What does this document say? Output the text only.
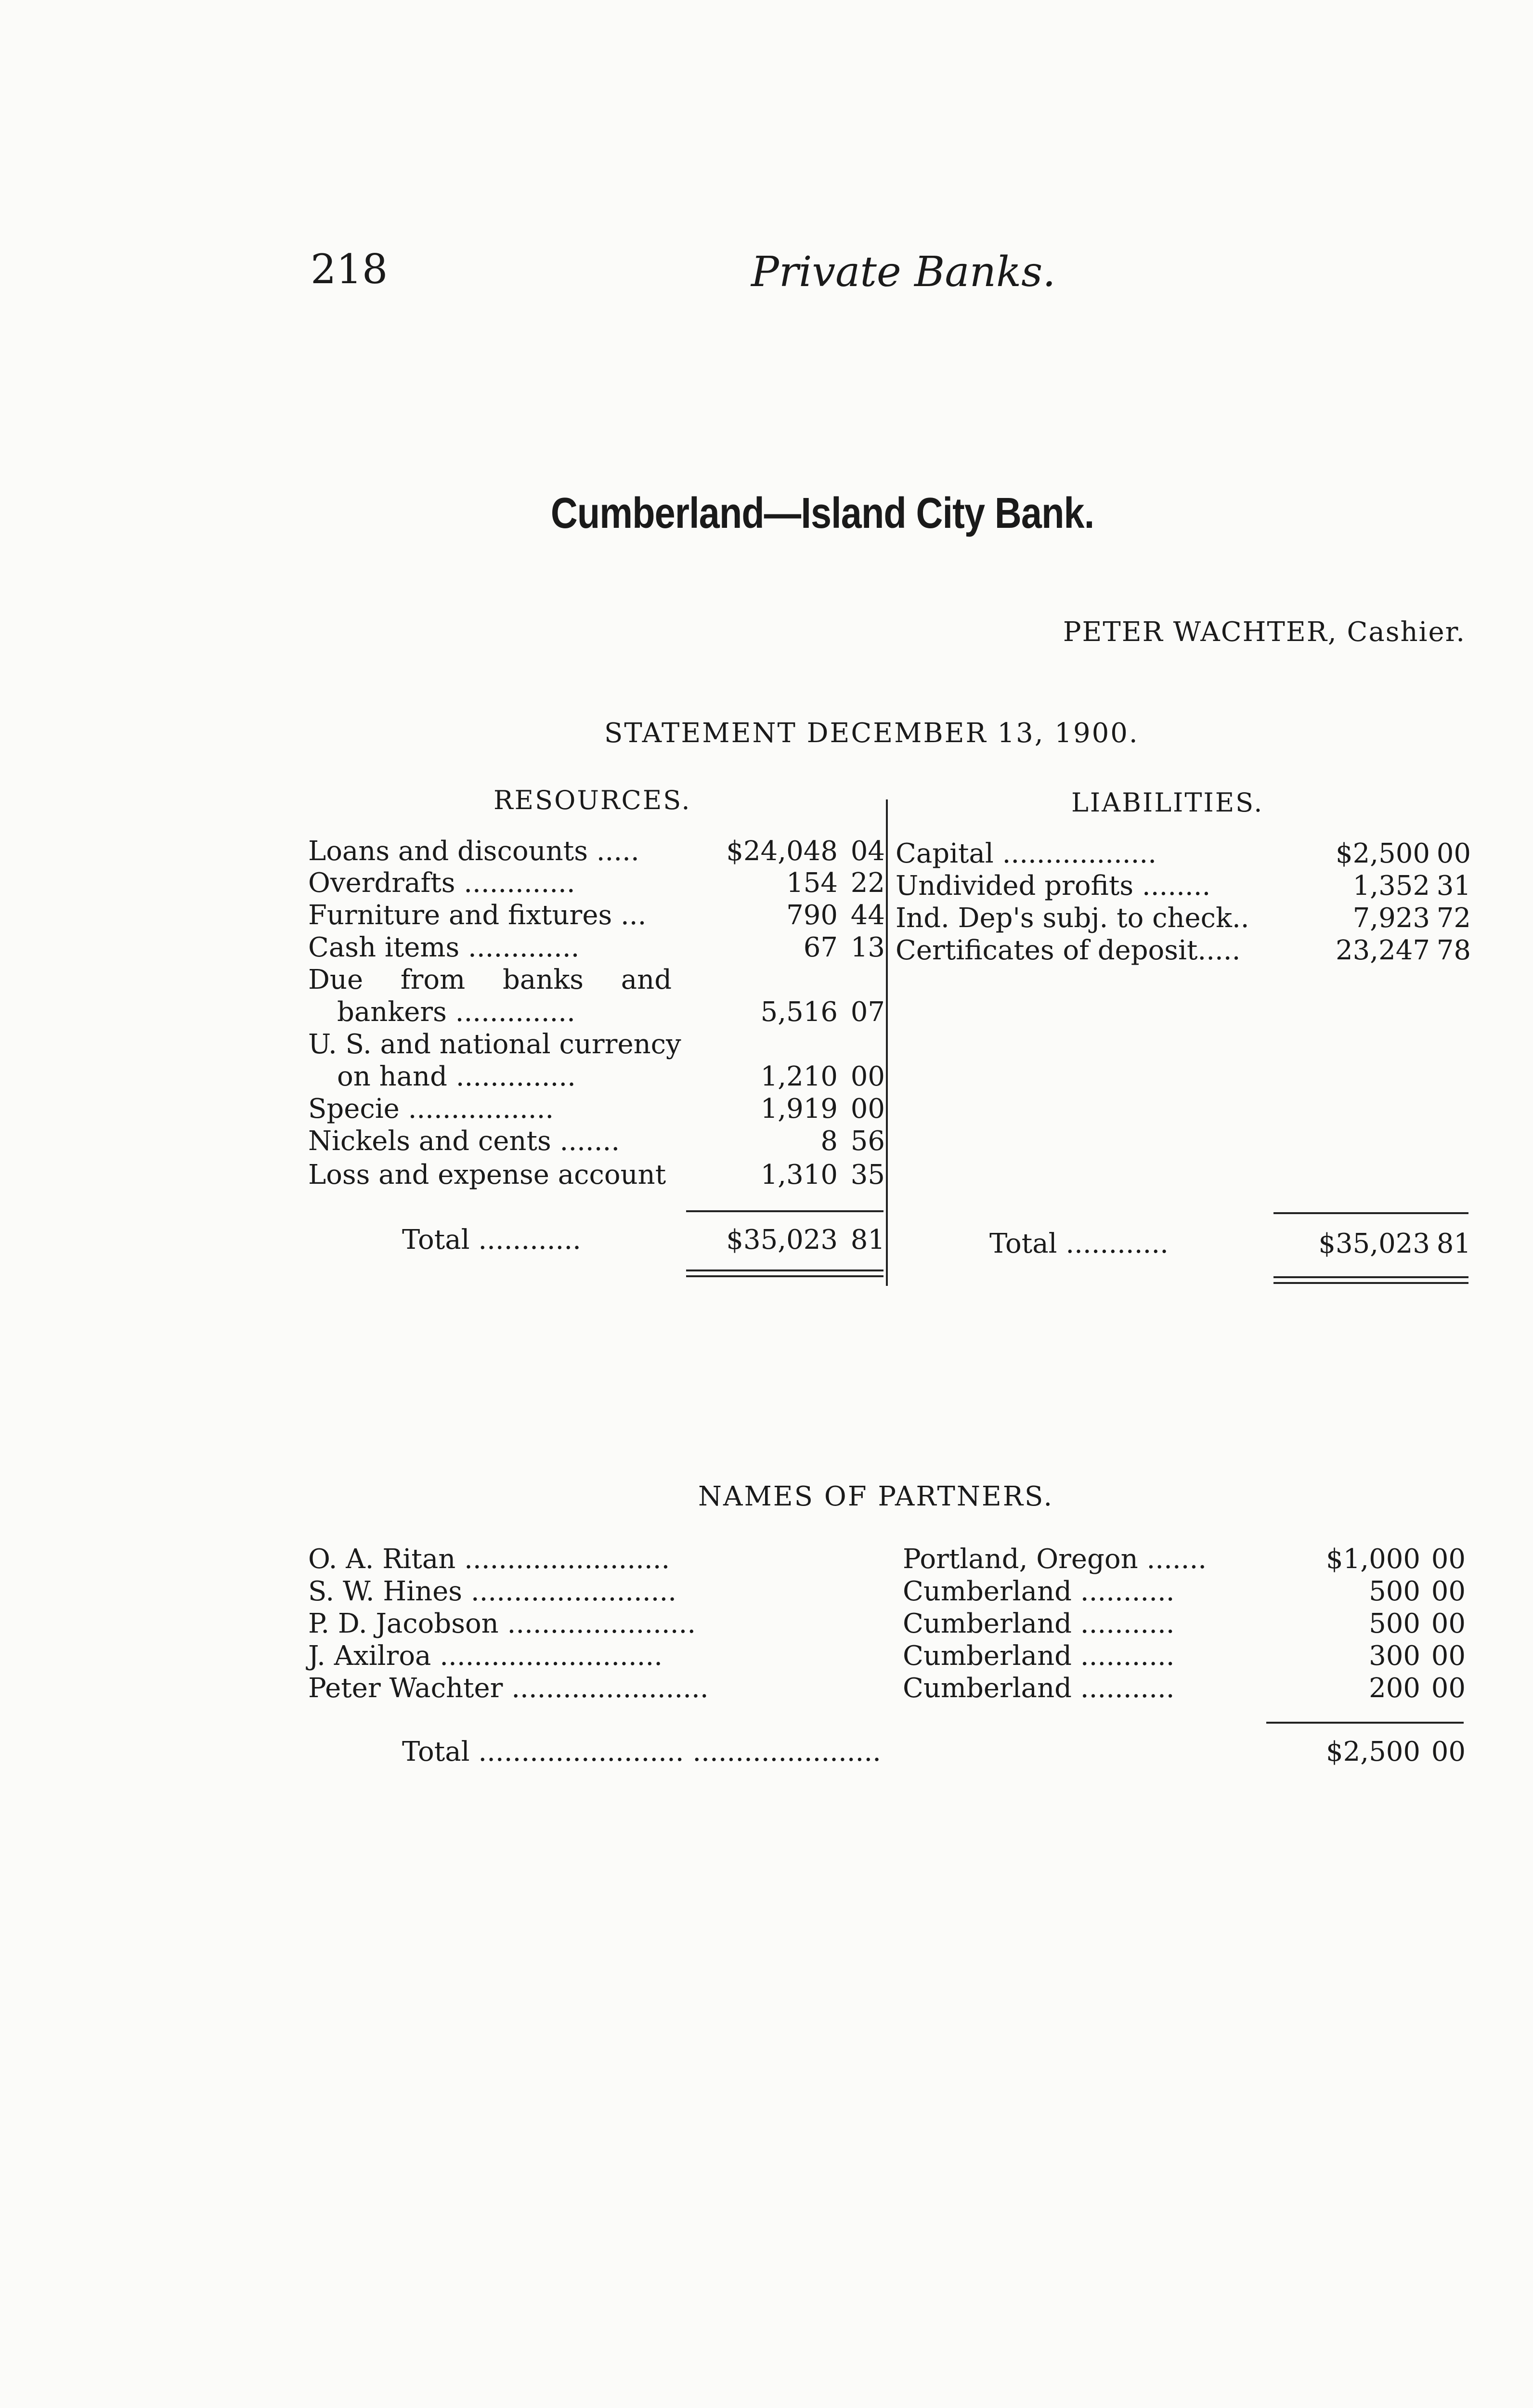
218	Private Banks.
Cumberland—Island City Bank.
PETER WACHTER, Cashier.
STATEMENT DECEMBER 13, 1900.
RESOURCES.	LIABILITIES.
Loans and discounts .....	$24,048 04
Overdrafts .............	154 22
Furniture and fixtures ...	790 44
Cash items .............	67 13
Due from banks and
bankers ..............	5,516 07
U. S. and national currency
on hand ..............	1,210 00
Specie .................	1,919 00
Nickels and cents .......	8 56
Loss and expense account	1,310 35
Total ............	$35,023 81
Capital ..................	$2,500 00
Undivided profits ........	1,352 31
Ind. Dep's subj. to check..	7,923 72
Certificates of deposit.....	23,247 78
Total ............	$35,023 81
NAMES OF PARTNERS.
O. A. Ritan ........................	Portland, Oregon .......	$1,000 00
S. W. Hines ........................	Cumberland ...........	500 00
P. D. Jacobson ......................	Cumberland ...........	500 00
J. Axilroa ..........................	Cumberland ...........	300 00
Peter Wachter .......................	Cumberland ...........	200 00
Total ........................ ......................	$2,500 00
